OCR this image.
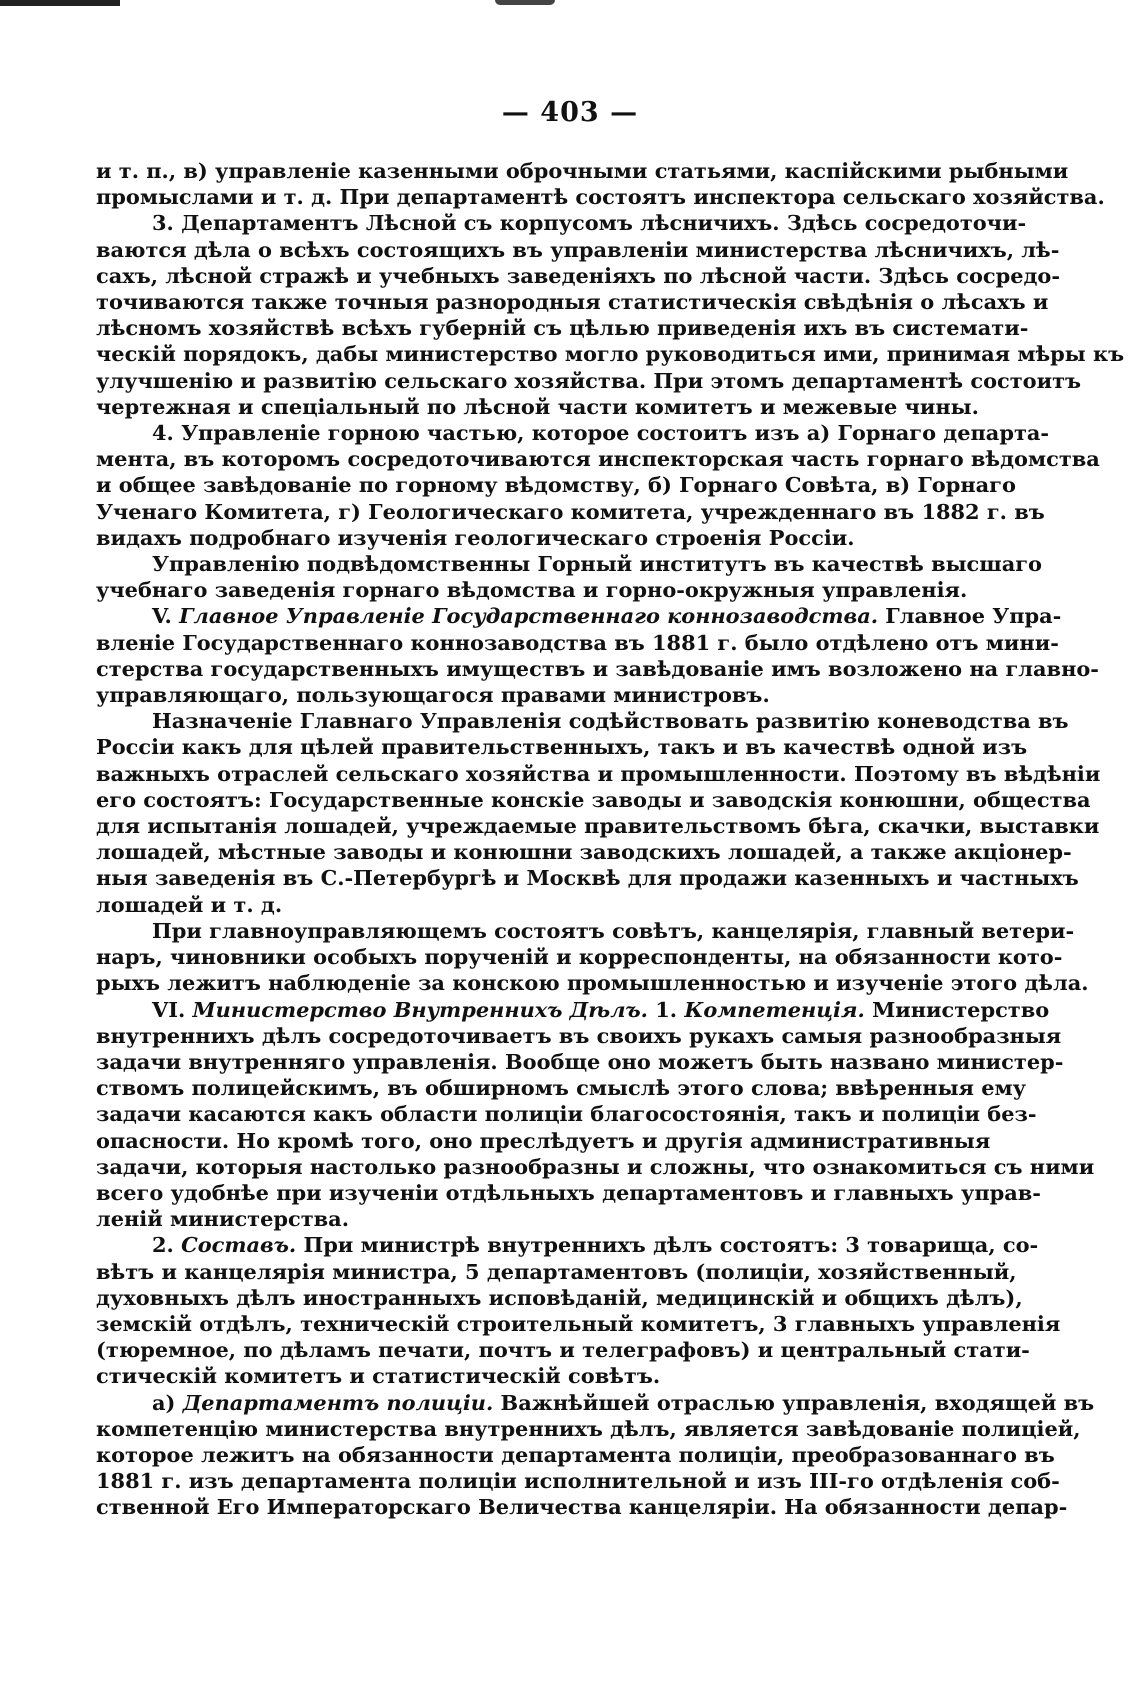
— 403 —
и т. п., в) управленіе казенными оброчными статьями, каспійскими рыбными
промыслами и т. д. При департаментѣ состоятъ инспектора сельскаго хозяйства.
3. Департаментъ Лѣсной съ корпусомъ лѣсничихъ. Здѣсь сосредоточи-
ваются дѣла о всѣхъ состоящихъ въ управленіи министерства лѣсничихъ, лѣ-
сахъ, лѣсной стражѣ и учебныхъ заведеніяхъ по лѣсной части. Здѣсь сосредо-
точиваются также точныя разнородныя статистическія свѣдѣнія о лѣсахъ и
лѣсномъ хозяйствѣ всѣхъ губерній съ цѣлью приведенія ихъ въ системати-
ческій порядокъ, дабы министерство могло руководиться ими, принимая мѣры къ
улучшенію и развитію сельскаго хозяйства. При этомъ департаментѣ состоитъ
чертежная и спеціальный по лѣсной части комитетъ и межевые чины.
4. Управленіе горною частью, которое состоитъ изъ а) Горнаго департа-
мента, въ которомъ сосредоточиваются инспекторская часть горнаго вѣдомства
и общее завѣдованіе по горному вѣдомству, б) Горнаго Совѣта, в) Горнаго
Ученаго Комитета, г) Геологическаго комитета, учрежденнаго въ 1882 г. въ
видахъ подробнаго изученія геологическаго строенія Россіи.
Управленію подвѣдомственны Горный институтъ въ качествѣ высшаго
учебнаго заведенія горнаго вѣдомства и горно-окружныя управленія.
V. Главное Управленіе Государственнаго коннозаводства. Главное Упра-
вленіе Государственнаго коннозаводства въ 1881 г. было отдѣлено отъ мини-
стерства государственныхъ имуществъ и завѣдованіе имъ возложено на главно-
управляющаго, пользующагося правами министровъ.
Назначеніе Главнаго Управленія содѣйствовать развитію коневодства въ
Россіи какъ для цѣлей правительственныхъ, такъ и въ качествѣ одной изъ
важныхъ отраслей сельскаго хозяйства и промышленности. Поэтому въ вѣдѣніи
его состоятъ: Государственные конскіе заводы и заводскія конюшни, общества
для испытанія лошадей, учреждаемые правительствомъ бѣга, скачки, выставки
лошадей, мѣстные заводы и конюшни заводскихъ лошадей, а также акціонер-
ныя заведенія въ С.-Петербургѣ и Москвѣ для продажи казенныхъ и частныхъ
лошадей и т. д.
При главноуправляющемъ состоятъ совѣтъ, канцелярія, главный ветери-
наръ, чиновники особыхъ порученій и корреспонденты, на обязанности кото-
рыхъ лежитъ наблюденіе за конскою промышленностью и изученіе этого дѣла.
VI. Министерство Внутреннихъ Дѣлъ. 1. Компетенція. Министерство
внутреннихъ дѣлъ сосредоточиваетъ въ своихъ рукахъ самыя разнообразныя
задачи внутренняго управленія. Вообще оно можетъ быть названо министер-
ствомъ полицейскимъ, въ обширномъ смыслѣ этого слова; ввѣренныя ему
задачи касаются какъ области полиціи благосостоянія, такъ и полиціи без-
опасности. Но кромѣ того, оно преслѣдуетъ и другія административныя
задачи, которыя настолько разнообразны и сложны, что ознакомиться съ ними
всего удобнѣе при изученіи отдѣльныхъ департаментовъ и главныхъ управ-
леній министерства.
2. Составъ. При министрѣ внутреннихъ дѣлъ состоятъ: 3 товарища, со-
вѣтъ и канцелярія министра, 5 департаментовъ (полиціи, хозяйственный,
духовныхъ дѣлъ иностранныхъ исповѣданій, медицинскій и общихъ дѣлъ),
земскій отдѣлъ, техническій строительный комитетъ, 3 главныхъ управленія
(тюремное, по дѣламъ печати, почтъ и телеграфовъ) и центральный стати-
стическій комитетъ и статистическій совѣтъ.
а) Департаментъ полиціи. Важнѣйшей отраслью управленія, входящей въ
компетенцію министерства внутреннихъ дѣлъ, является завѣдованіе полиціей,
которое лежитъ на обязанности департамента полиціи, преобразованнаго въ
1881 г. изъ департамента полиціи исполнительной и изъ III-го отдѣленія соб-
ственной Его Императорскаго Величества канцеляріи. На обязанности депар-
